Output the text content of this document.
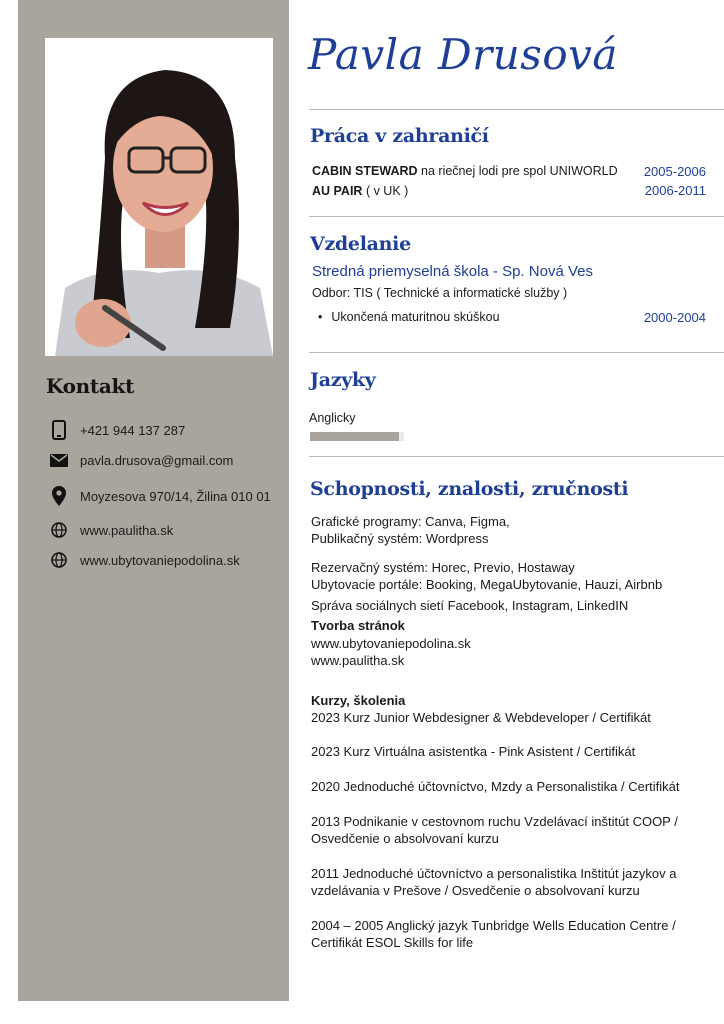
Kontakt
+421 944 137 287
pavla.drusova@gmail.com
Moyzesova 970/14, Žilina 010 01
www.paulitha.sk
www.ubytovaniepodolina.sk
Pavla Drusová
Práca v zahraničí
CABIN STEWARD na riečnej lodi pre spol UNIWORLD 2005-2006
AU PAIR ( v UK )	2006-2011
Vzdelanie
Stredná priemyselná škola - Sp. Nová Ves
Odbor: TIS ( Technické a informatické služby )
• Ukončená maturitnou skúškou	2000-2004
Jazyky
Anglicky
Schopnosti, znalosti, zručnosti
Grafické programy: Canva, Figma,
Publikačný systém: Wordpress
Rezervačný systém: Horec, Previo, Hostaway
Ubytovacie portále: Booking, MegaUbytovanie, Hauzi, Airbnb
Správa sociálnych sietí Facebook, Instagram, LinkedIN
Tvorba stránok
www.ubytovaniepodolina.sk
www.paulitha.sk
Kurzy, školenia
2023 Kurz Junior Webdesigner & Webdeveloper / Certifikát
2023 Kurz Virtuálna asistentka - Pink Asistent / Certifikát
2020 Jednoduché účtovníctvo, Mzdy a Personalistika / Certifikát
2013 Podnikanie v cestovnom ruchu Vzdelávací inštitút COOP /
Osvedčenie o absolvovaní kurzu
2011 Jednoduché účtovníctvo a personalistika Inštitút jazykov a
vzdelávania v Prešove / Osvedčenie o absolvovaní kurzu
2004 – 2005 Anglický jazyk Tunbridge Wells Education Centre /
Certifikát ESOL Skills for life
